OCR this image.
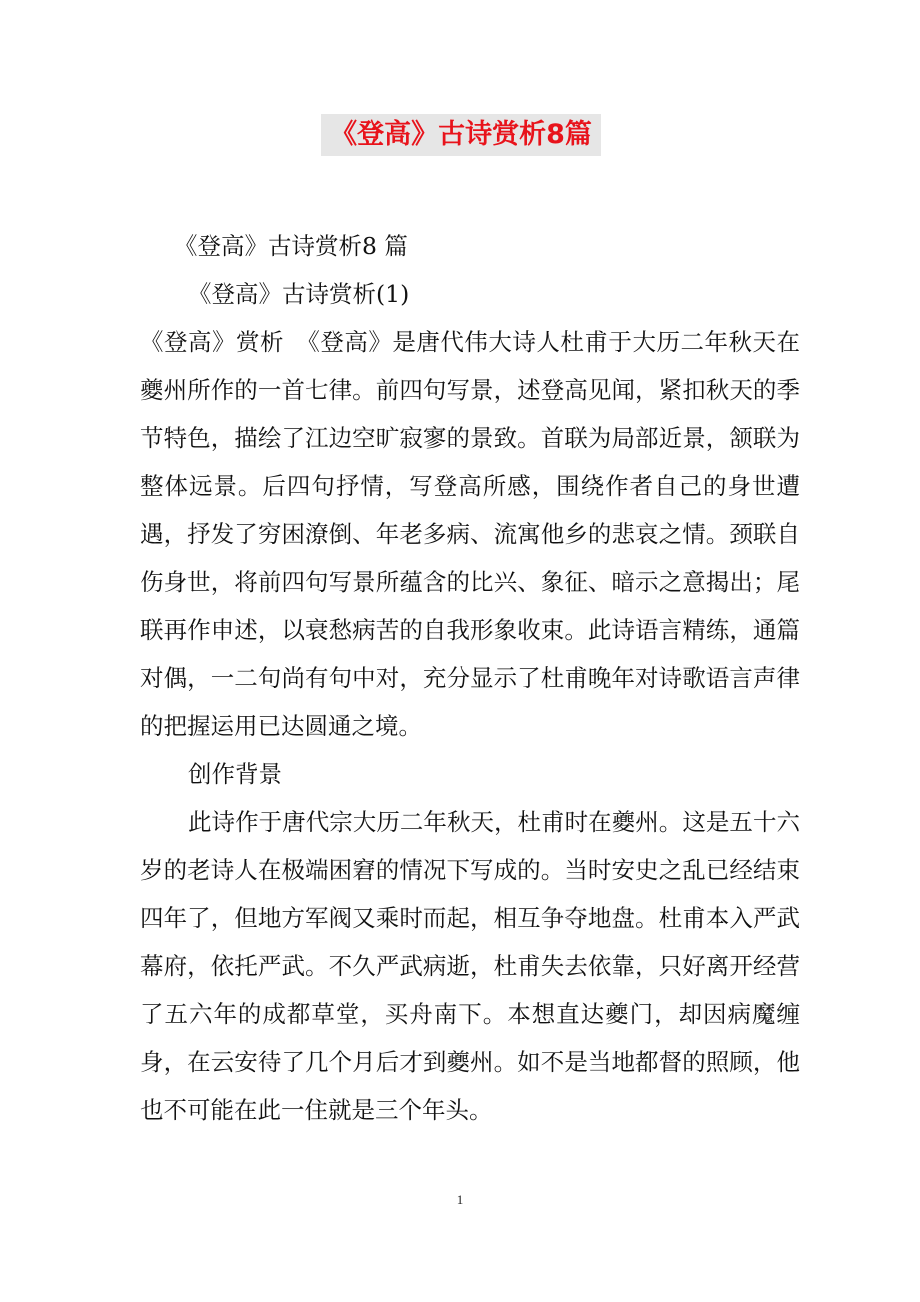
《登高》古诗赏析8篇
《登高》古诗赏析8 篇
《登高》古诗赏析(1)

《登高》赏析　《登高》是唐代伟大诗人杜甫于大历二年秋天在夔州所作的一首七律。前四句写景，述登高见闻，紧扣秋天的季节特色，描绘了江边空旷寂寥的景致。首联为局部近景，颔联为整体远景。后四句抒情，写登高所感，围绕作者自己的身世遭遇，抒发了穷困潦倒、年老多病、流寓他乡的悲哀之情。颈联自伤身世，将前四句写景所蕴含的比兴、象征、暗示之意揭出；尾联再作申述，以衰愁病苦的自我形象收束。此诗语言精练，通篇对偶，一二句尚有句中对，充分显示了杜甫晚年对诗歌语言声律的把握运用已达圆通之境。

创作背景

此诗作于唐代宗大历二年秋天，杜甫时在夔州。这是五十六岁的老诗人在极端困窘的情况下写成的。当时安史之乱已经结束四年了，但地方军阀又乘时而起，相互争夺地盘。杜甫本入严武幕府，依托严武。不久严武病逝，杜甫失去依靠，只好离开经营了五六年的成都草堂，买舟南下。本想直达夔门，却因病魔缠身，在云安待了几个月后才到夔州。如不是当地都督的照顾，他也不可能在此一住就是三个年头。

1
